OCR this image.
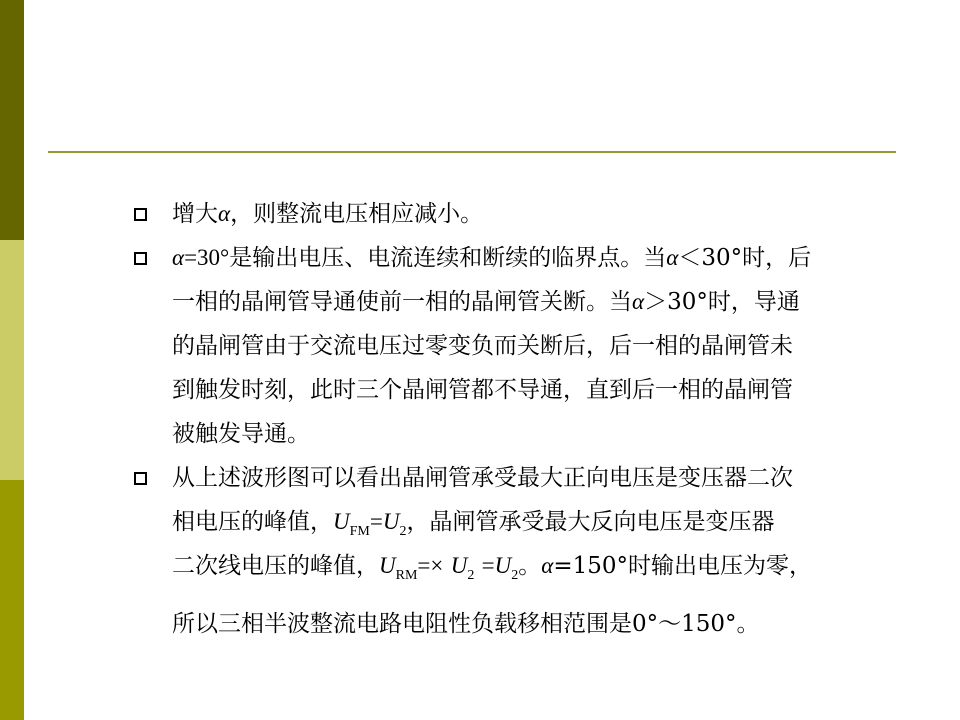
增大α，则整流电压相应减小。
α=30°是输出电压、电流连续和断续的临界点。当α＜30°时，后
一相的晶闸管导通使前一相的晶闸管关断。当α＞30°时，导通
的晶闸管由于交流电压过零变负而关断后，后一相的晶闸管未
到触发时刻，此时三个晶闸管都不导通，直到后一相的晶闸管
被触发导通。
从上述波形图可以看出晶闸管承受最大正向电压是变压器二次
相电压的峰值，$U_{FM}=U_2$，晶闸管承受最大反向电压是变压器
二次线电压的峰值，$U_{RM}=\times U_2 =U_2$。α=150°时输出电压为零，
所以三相半波整流电路电阻性负载移相范围是0°～150°。
